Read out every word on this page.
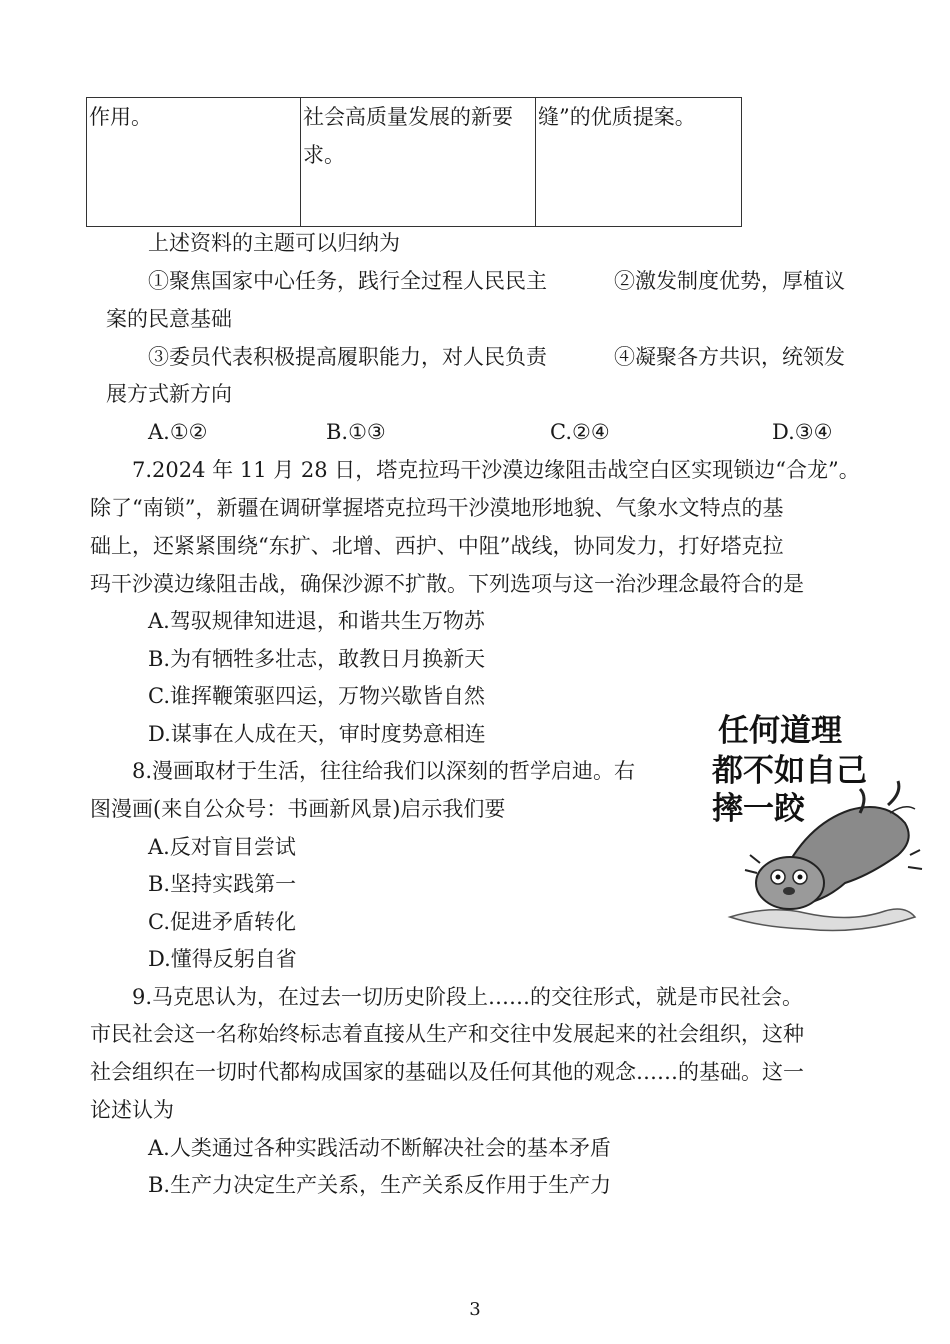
作用。	社会高质量发展的新要求。	缝”的优质提案。
上述资料的主题可以归纳为
①聚焦国家中心任务，践行全过程人民民主	②激发制度优势，厚植议
案的民意基础
③委员代表积极提高履职能力，对人民负责	④凝聚各方共识，统领发
展方式新方向
A.①②	B.①③	C.②④	D.③④
7.2024 年 11 月 28 日，塔克拉玛干沙漠边缘阻击战空白区实现锁边“合龙”。
除了“南锁”，新疆在调研掌握塔克拉玛干沙漠地形地貌、气象水文特点的基
础上，还紧紧围绕“东扩、北增、西护、中阻”战线，协同发力，打好塔克拉
玛干沙漠边缘阻击战，确保沙源不扩散。下列选项与这一治沙理念最符合的是
A.驾驭规律知进退，和谐共生万物苏
B.为有牺牲多壮志，敢教日月换新天
C.谁挥鞭策驱四运，万物兴歇皆自然
D.谋事在人成在天，审时度势意相连
8.漫画取材于生活，往往给我们以深刻的哲学启迪。右
图漫画(来自公众号：书画新风景)启示我们要
A.反对盲目尝试
B.坚持实践第一
C.促进矛盾转化
D.懂得反躬自省
任何道理
都不如自己
摔一跤
9.马克思认为，在过去一切历史阶段上……的交往形式，就是市民社会。
市民社会这一名称始终标志着直接从生产和交往中发展起来的社会组织，这种
社会组织在一切时代都构成国家的基础以及任何其他的观念……的基础。这一
论述认为
A.人类通过各种实践活动不断解决社会的基本矛盾
B.生产力决定生产关系，生产关系反作用于生产力
3
